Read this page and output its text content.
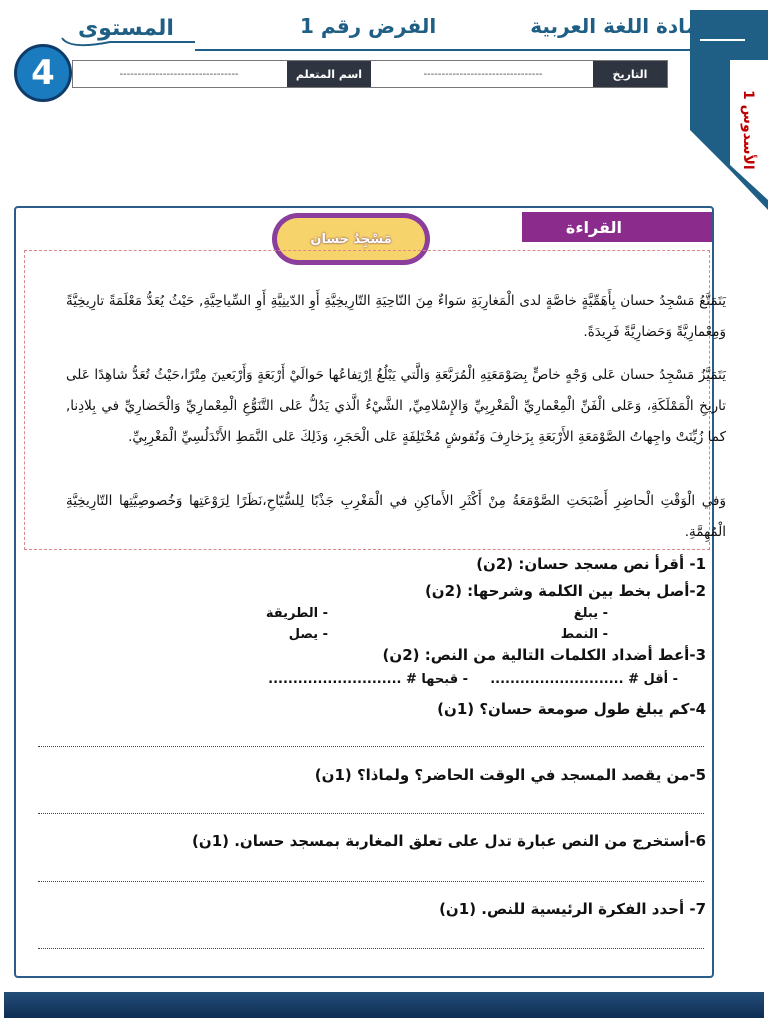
مادة اللغة العربية
الفرض رقم 1
المستوى
4	التاريخ
---------------------------------
اسم المتعلم
---------------------------------
الأسدوس 1
القراءة
مَسْجِدُ حسان
يَتَمَتَّعُ مَسْجِدُ حسان بِأَهَمِّيَّةٍ خاصَّةٍ لدى الْمَغارِبَةِ سَواءٌ مِنَ النّاحِيَةِ التّارِيخِيَّةِ أَوِ الدّينِيَّةِ أَوِ السِّياحِيَّةِ, حَيْثُ يُعَدُّ مَعْلَمَةً تارِيخِيَّةً وَمِعْمارِيَّةً وَحَضارِيَّةً فَرِيدَةً.
يَتَمَيَّزُ مَسْجِدُ حسان عَلى وَجْهٍ خاصٍّ بِصَوْمَعَتِهِ الْمُرَبَّعَةِ وَالَّتي يَبْلُغُ اِرْتِفاعُها حَوالَيْ أَرْبَعَةٍ وَأَرْبَعينَ مِتْرًا،حَيْثُ تُعَدُّ شاهِدًا عَلى تاريخِ الْمَمْلَكَةِ، وَعَلى الْفَنِّ الْمِعْمارِيِّ الْمَغْرِبِيِّ وَالإِسْلامِيِّ, الشَّيْءُ الَّذي يَدُلُّ عَلى التَّنَوُّعِ الْمِعْمارِيِّ وَالْحَضارِيِّ في بِلادِنا, كما زُيِّنَتْ واجِهاتُ الصَّوْمَعَةِ الأَرْبَعَةِ بِزَخارِفَ وَنُقوشٍ مُخْتَلِفَةٍ عَلى الْحَجَرِ، وَذَلِكَ عَلى النَّمَطِ الأَنْدَلُسِيِّ الْمَغْرِبِيِّ.
وَفي الْوَقْتِ الْحاضِرِ أَصْبَحَتِ الصَّوْمَعَةُ مِنْ أَكْثَرِ الأَماكِنِ في الْمَغْرِبِ جَذْبًا لِلسُّيّاحِ،نَظَرًا لِرَوْعَتِها وَخُصوصِيَّتِها التّارِيخِيَّةِ الْمُهِمَّةِ.
1- أقرأ نص مسجد حسان: (2ن)
2-أصل بخط بين الكلمة وشرحها: (2ن)
- يبلغ
- النمط
- الطريقة
- يصل
3-أعط أضداد الكلمات التالية من النص: (2ن)
- أقل # ...........................
- قبحها # ...........................
4-كم يبلغ طول صومعة حسان؟ (1ن)
5-من يقصد المسجد في الوقت الحاضر؟ ولماذا؟ (1ن)
6-أستخرج من النص عبارة تدل على تعلق المغاربة بمسجد حسان. (1ن)
7- أحدد الفكرة الرئيسية للنص. (1ن)
